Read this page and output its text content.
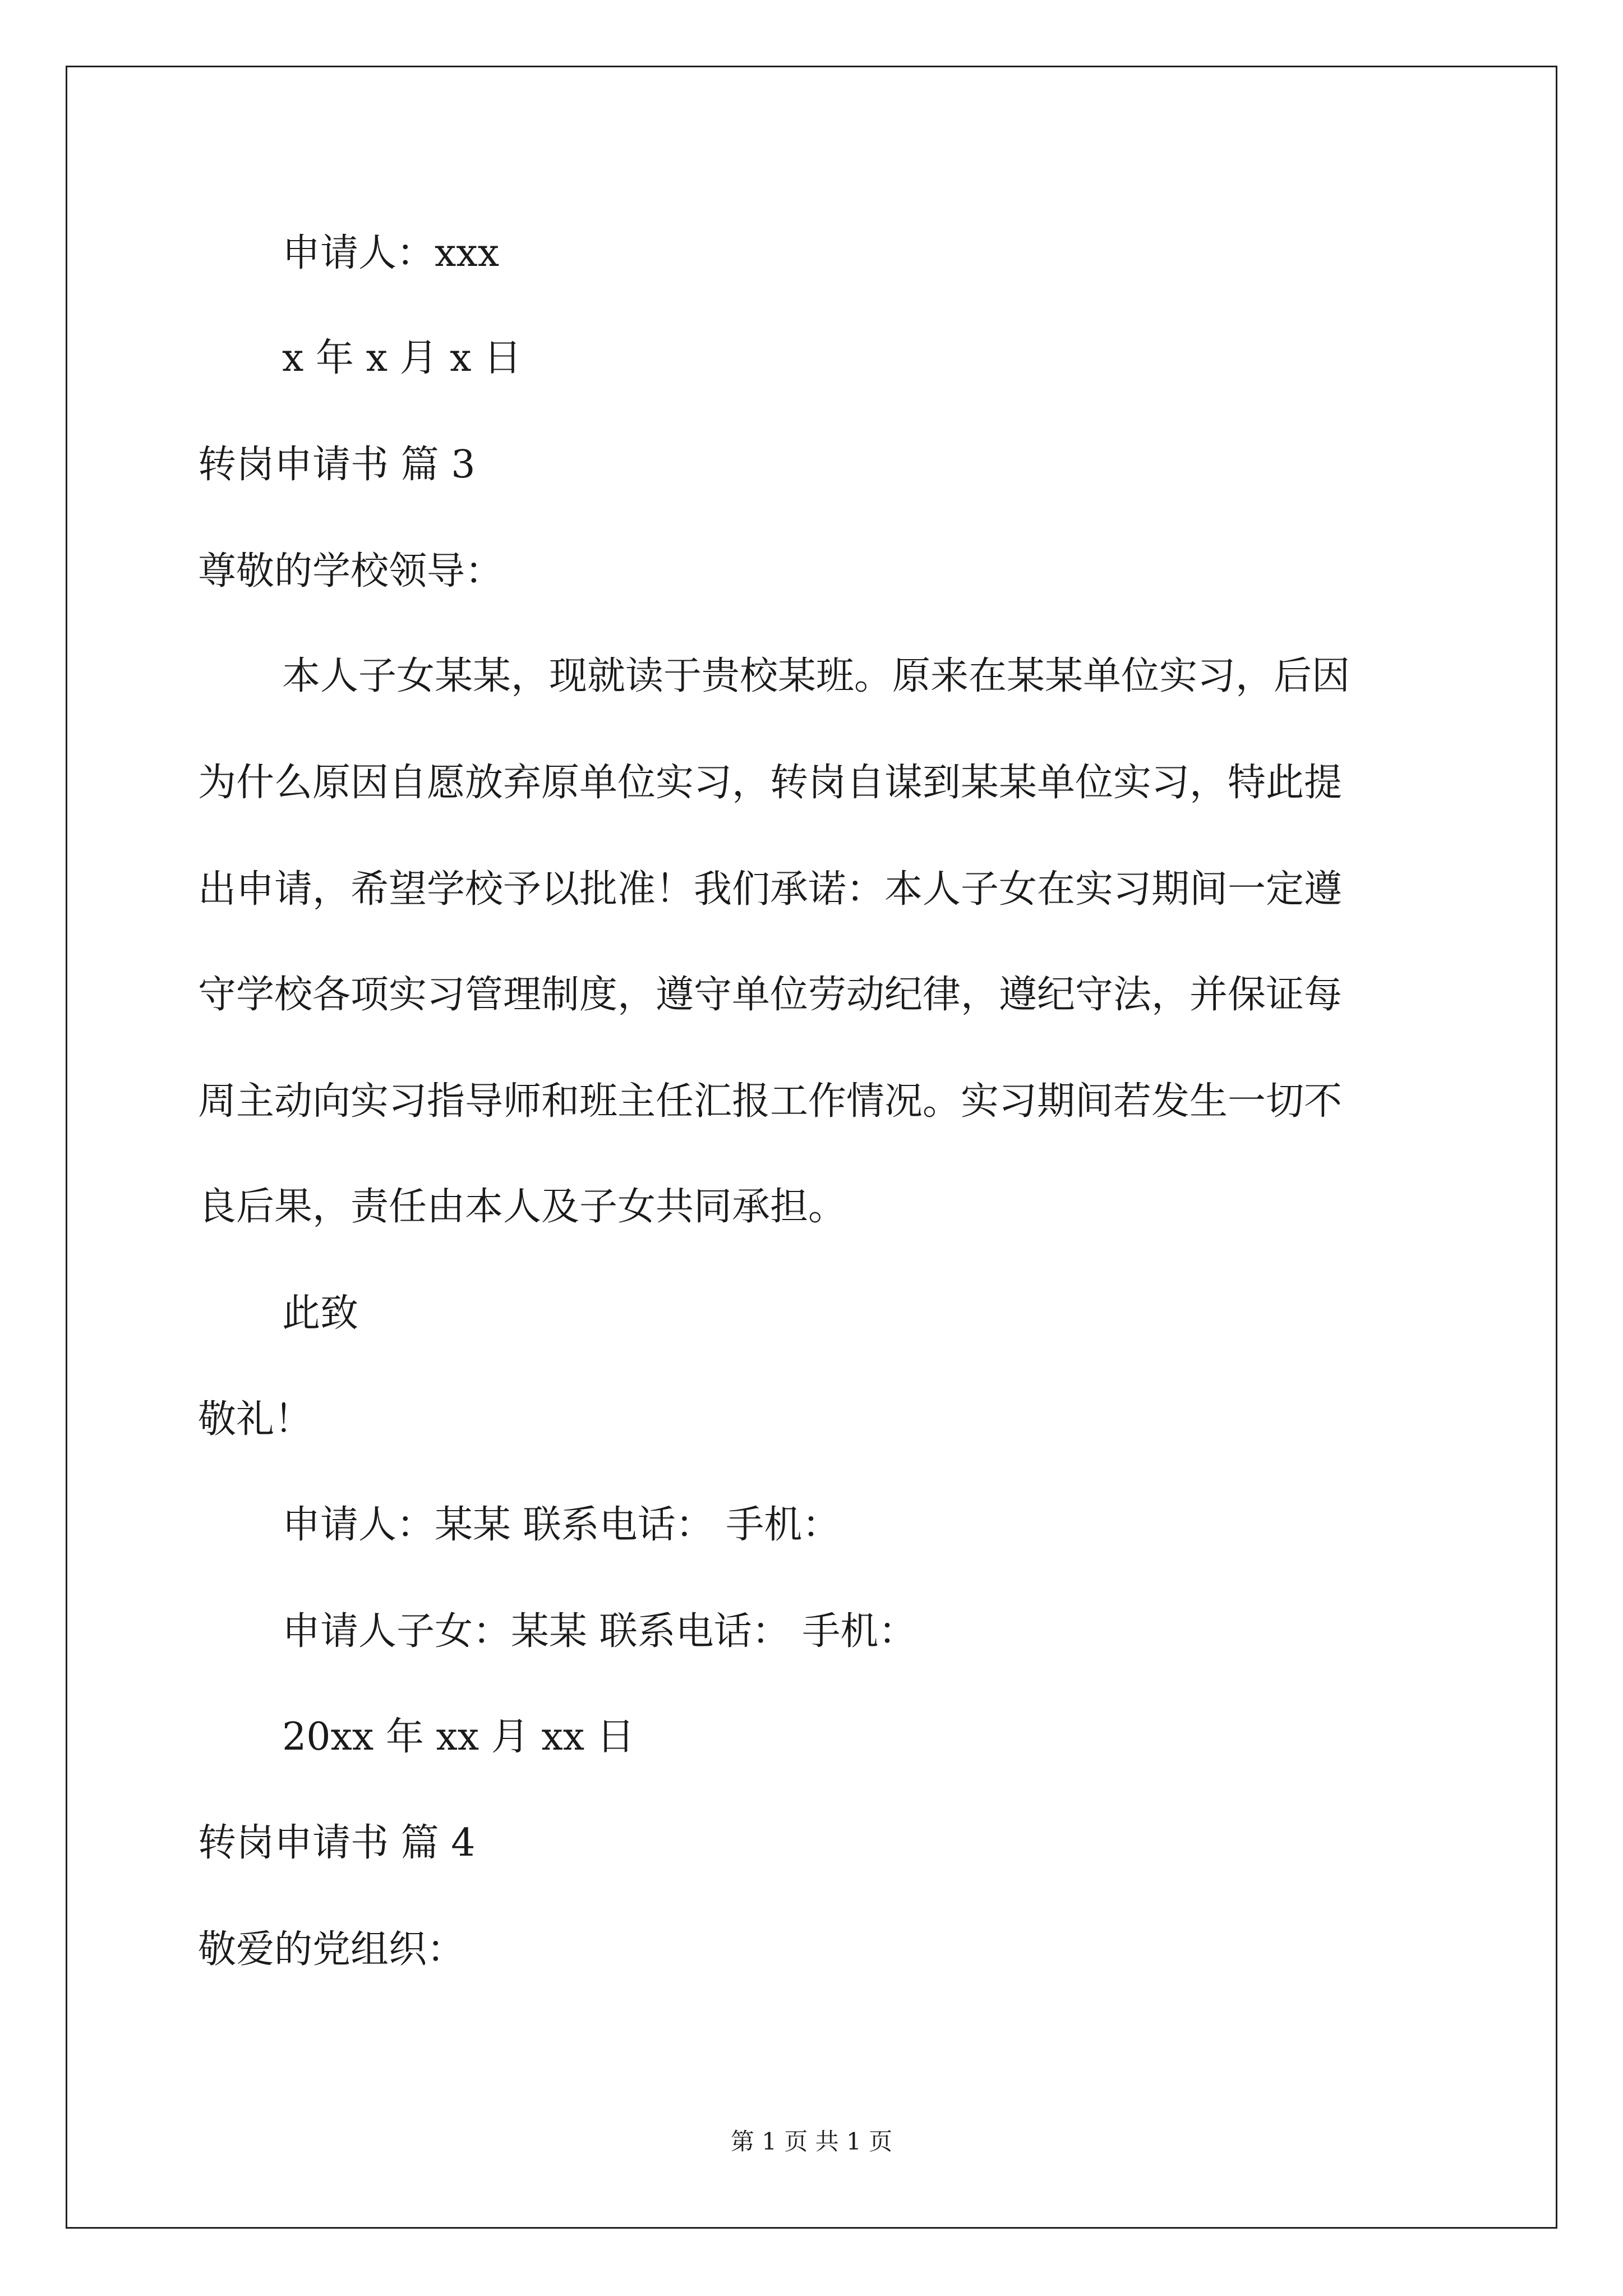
申请人：xxx
x 年 x 月 x 日
转岗申请书 篇 3
尊敬的学校领导：
本人子女某某，现就读于贵校某班。原来在某某单位实习，后因
为什么原因自愿放弃原单位实习，转岗自谋到某某单位实习，特此提
出申请，希望学校予以批准！我们承诺：本人子女在实习期间一定遵
守学校各项实习管理制度，遵守单位劳动纪律，遵纪守法，并保证每
周主动向实习指导师和班主任汇报工作情况。实习期间若发生一切不
良后果，责任由本人及子女共同承担。
此致
敬礼！
申请人：某某 联系电话： 手机：
申请人子女：某某 联系电话： 手机：
20xx 年 xx 月 xx 日
转岗申请书 篇 4
敬爱的党组织：
第 1 页 共 1 页
